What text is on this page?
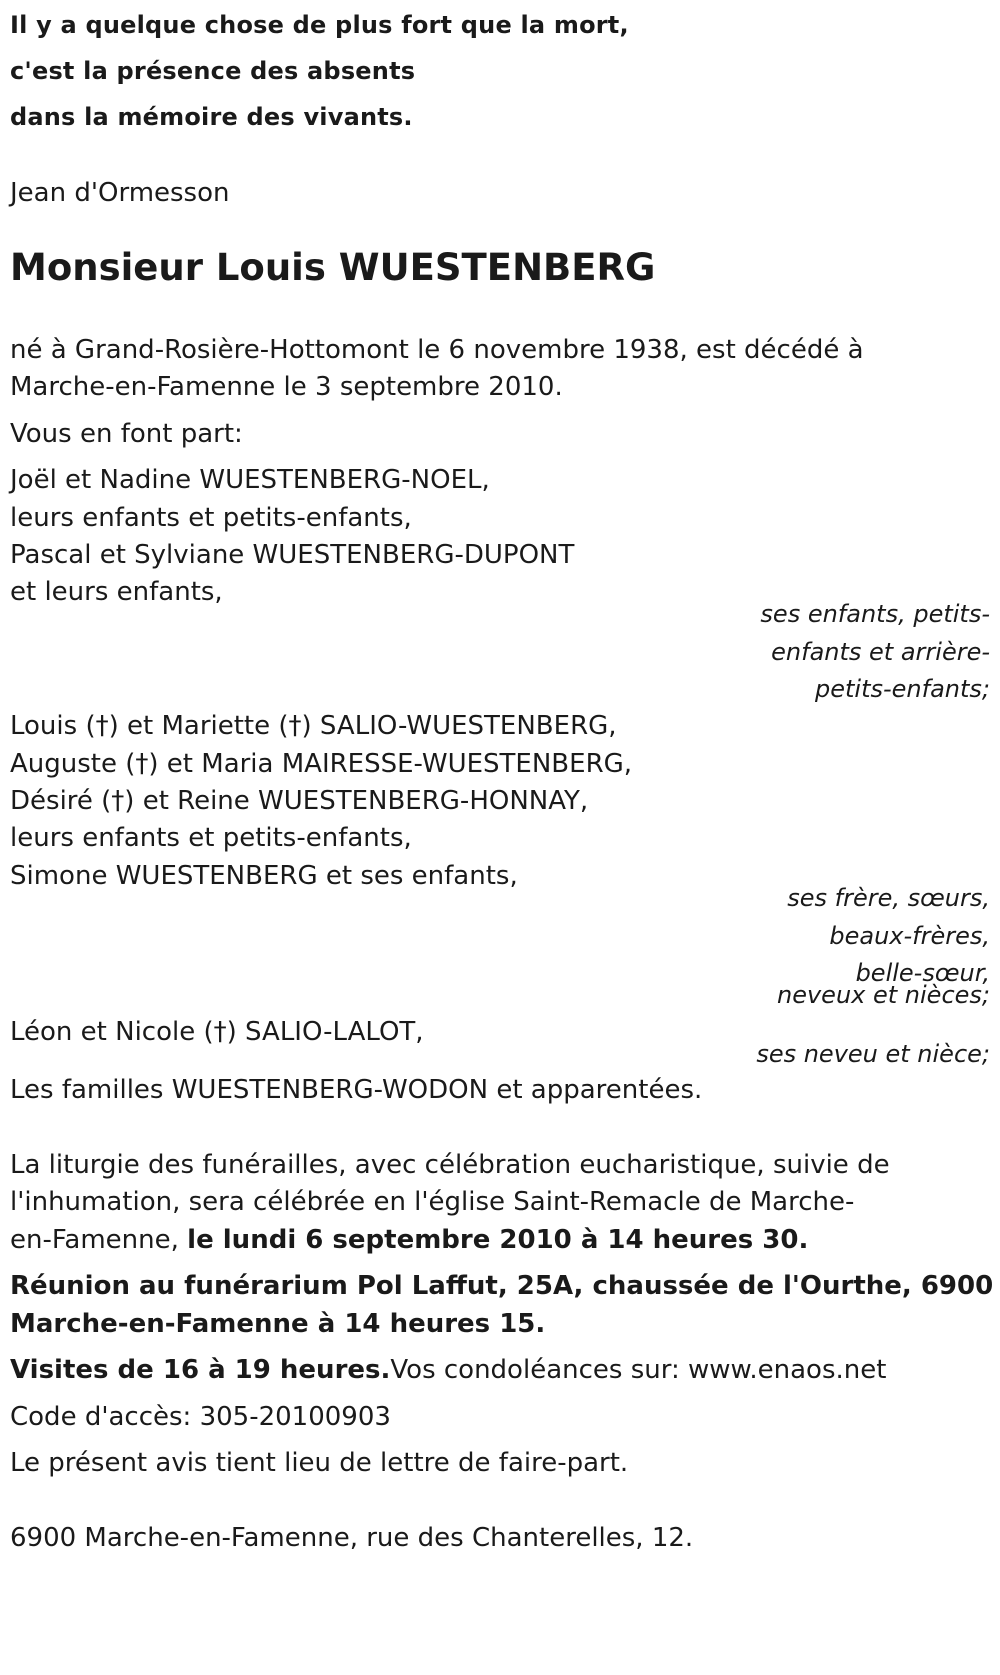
Il y a quelque chose de plus fort que la mort,
c'est la présence des absents
dans la mémoire des vivants.
Jean d'Ormesson
Monsieur Louis WUESTENBERG
né à Grand-Rosière-Hottomont le 6 novembre 1938, est décédé à
Marche-en-Famenne le 3 septembre 2010.
Vous en font part:
Joël et Nadine WUESTENBERG-NOEL,
leurs enfants et petits-enfants,
Pascal et Sylviane WUESTENBERG-DUPONT
et leurs enfants,
ses enfants, petits-
enfants et arrière-
petits-enfants;
Louis (†) et Mariette (†) SALIO-WUESTENBERG,
Auguste (†) et Maria MAIRESSE-WUESTENBERG,
Désiré (†) et Reine WUESTENBERG-HONNAY,
leurs enfants et petits-enfants,
Simone WUESTENBERG et ses enfants,
ses frère, sœurs,
beaux-frères,
belle-sœur,
neveux et nièces;
Léon et Nicole (†) SALIO-LALOT,
ses neveu et nièce;
Les familles WUESTENBERG-WODON et apparentées.
La liturgie des funérailles, avec célébration eucharistique, suivie de
l'inhumation, sera célébrée en l'église Saint-Remacle de Marche-
en-Famenne, le lundi 6 septembre 2010 à 14 heures 30.
Réunion au funérarium Pol Laffut, 25A, chaussée de l'Ourthe, 6900
Marche-en-Famenne à 14 heures 15.
Visites de 16 à 19 heures.Vos condoléances sur: www.enaos.net
Code d'accès: 305-20100903
Le présent avis tient lieu de lettre de faire-part.
6900 Marche-en-Famenne, rue des Chanterelles, 12.
